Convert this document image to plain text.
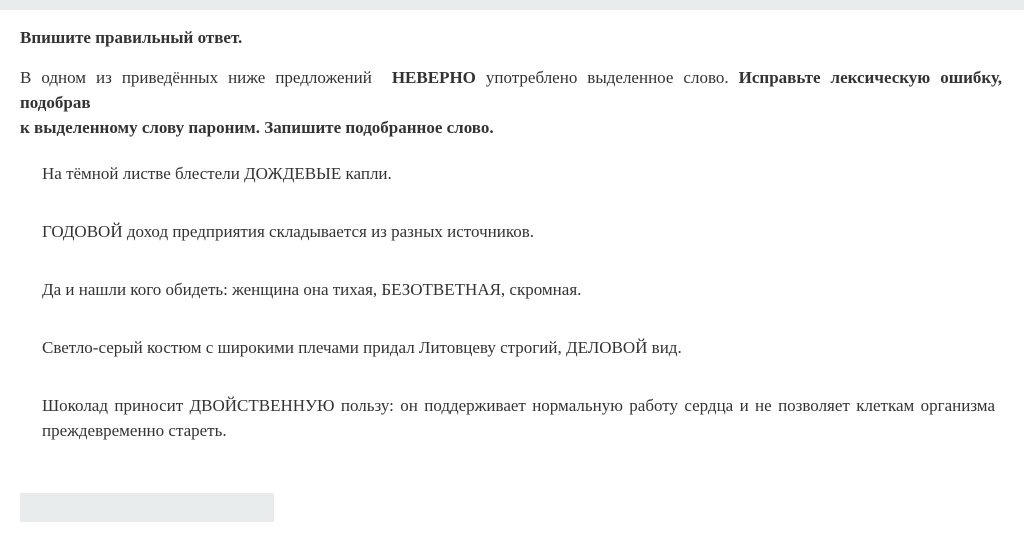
Впишите правильный ответ.

В одном из приведённых ниже предложений НЕВЕРНО употреблено выделенное слово. Исправьте лексическую ошибку, подобрав
к выделенному слову пароним. Запишите подобранное слово.

На тёмной листве блестели ДОЖДЕВЫЕ капли.

ГОДОВОЙ доход предприятия складывается из разных источников.

Да и нашли кого обидеть: женщина она тихая, БЕЗОТВЕТНАЯ, скромная.

Светло-серый костюм с широкими плечами придал Литовцеву строгий, ДЕЛОВОЙ вид.

Шоколад приносит ДВОЙСТВЕННУЮ пользу: он поддерживает нормальную работу сердца и не позволяет клеткам организма преждевременно стареть.
